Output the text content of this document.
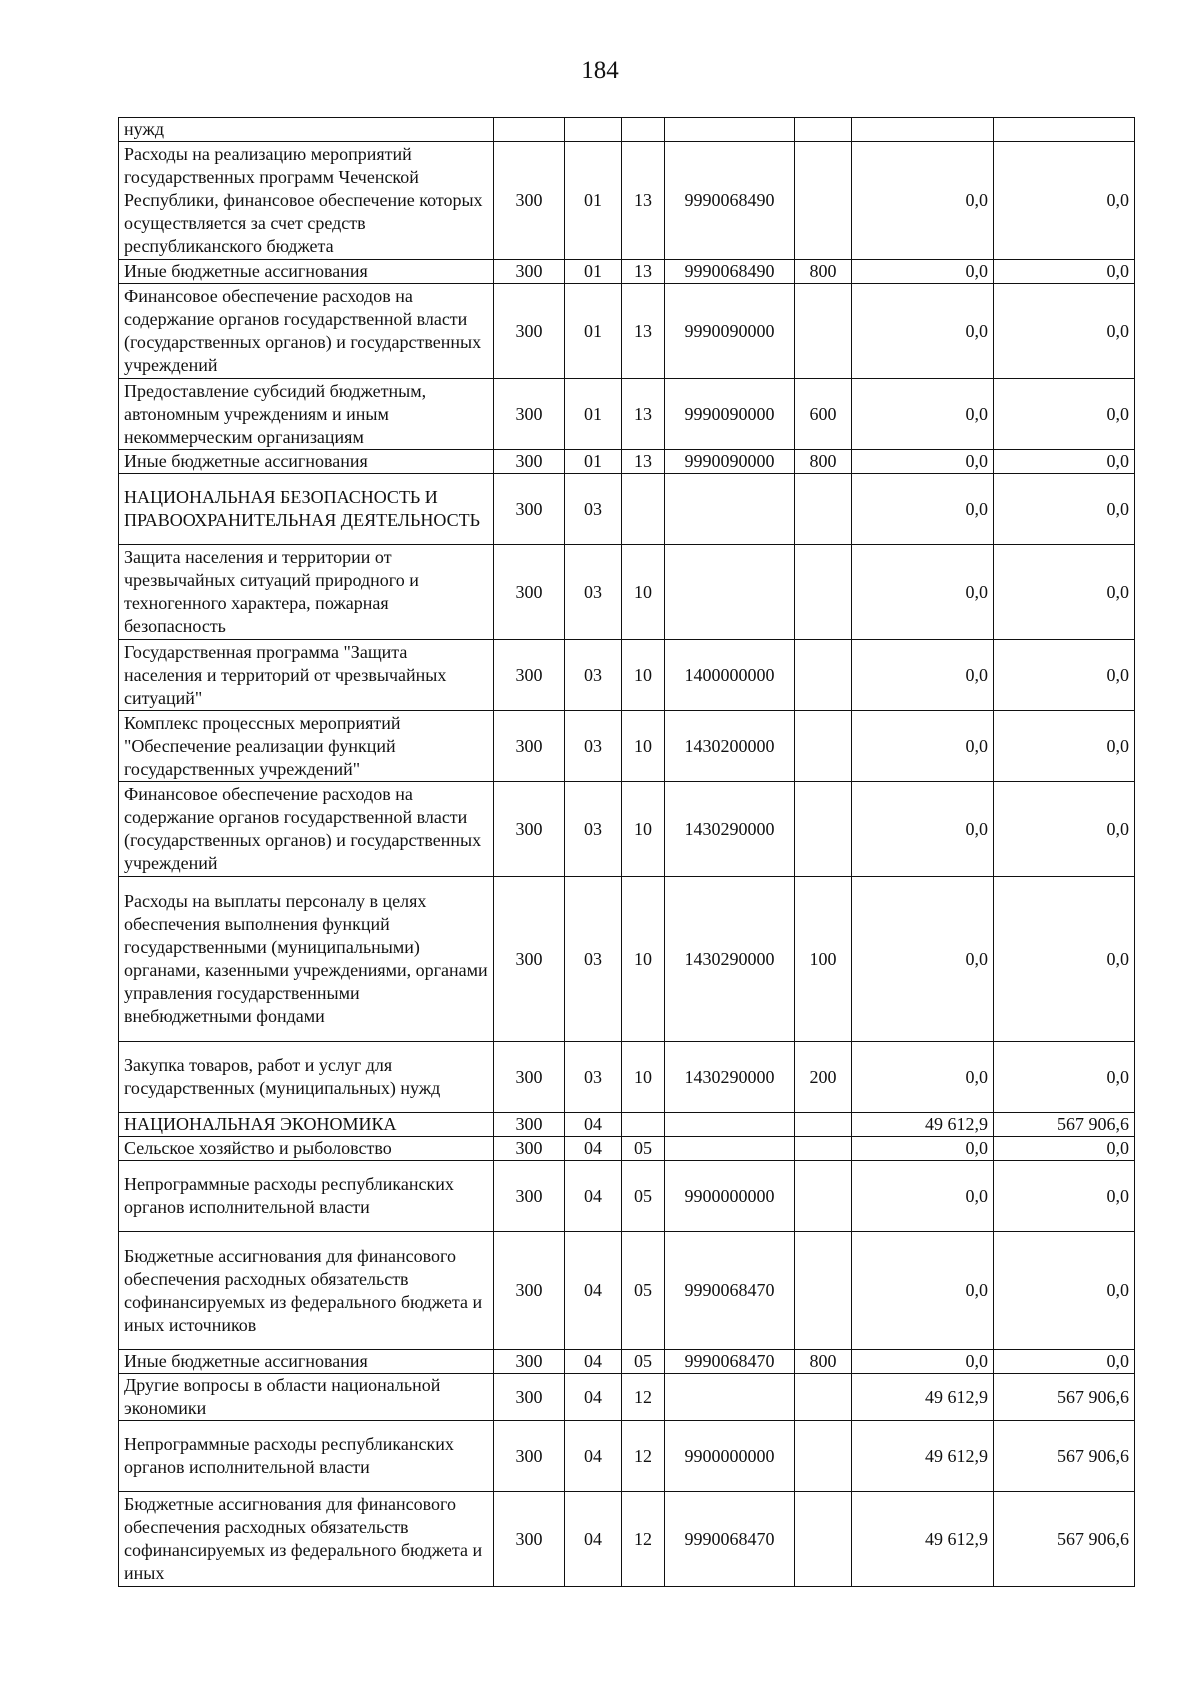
184
нужд							
Расходы на реализацию мероприятий государственных программ Чеченской Республики, финансовое обеспечение которых осуществляется за счет средств республиканского бюджета	300	01	13	9990068490		0,0	0,0
Иные бюджетные ассигнования	300	01	13	9990068490	800	0,0	0,0
Финансовое обеспечение расходов на содержание органов государственной власти (государственных органов) и государственных учреждений	300	01	13	9990090000		0,0	0,0
Предоставление субсидий бюджетным, автономным учреждениям и иным некоммерческим организациям	300	01	13	9990090000	600	0,0	0,0
Иные бюджетные ассигнования	300	01	13	9990090000	800	0,0	0,0
НАЦИОНАЛЬНАЯ БЕЗОПАСНОСТЬ И ПРАВООХРАНИТЕЛЬНАЯ ДЕЯТЕЛЬНОСТЬ	300	03				0,0	0,0
Защита населения и территории от чрезвычайных ситуаций природного и техногенного характера, пожарная безопасность	300	03	10			0,0	0,0
Государственная программа "Защита населения и территорий от чрезвычайных ситуаций"	300	03	10	1400000000		0,0	0,0
Комплекс процессных мероприятий "Обеспечение реализации функций государственных учреждений"	300	03	10	1430200000		0,0	0,0
Финансовое обеспечение расходов на содержание органов государственной власти (государственных органов) и государственных учреждений	300	03	10	1430290000		0,0	0,0
Расходы на выплаты персоналу в целях обеспечения выполнения функций государственными (муниципальными) органами, казенными учреждениями, органами управления государственными внебюджетными фондами	300	03	10	1430290000	100	0,0	0,0
Закупка товаров, работ и услуг для государственных (муниципальных) нужд	300	03	10	1430290000	200	0,0	0,0
НАЦИОНАЛЬНАЯ ЭКОНОМИКА	300	04				49 612,9	567 906,6
Сельское хозяйство и рыболовство	300	04	05			0,0	0,0
Непрограммные расходы республиканских органов исполнительной власти	300	04	05	9900000000		0,0	0,0
Бюджетные ассигнования для финансового обеспечения расходных обязательств софинансируемых из федерального бюджета и иных источников	300	04	05	9990068470		0,0	0,0
Иные бюджетные ассигнования	300	04	05	9990068470	800	0,0	0,0
Другие вопросы в области национальной экономики	300	04	12			49 612,9	567 906,6
Непрограммные расходы республиканских органов исполнительной власти	300	04	12	9900000000		49 612,9	567 906,6
Бюджетные ассигнования для финансового обеспечения расходных обязательств софинансируемых из федерального бюджета и иных	300	04	12	9990068470		49 612,9	567 906,6
